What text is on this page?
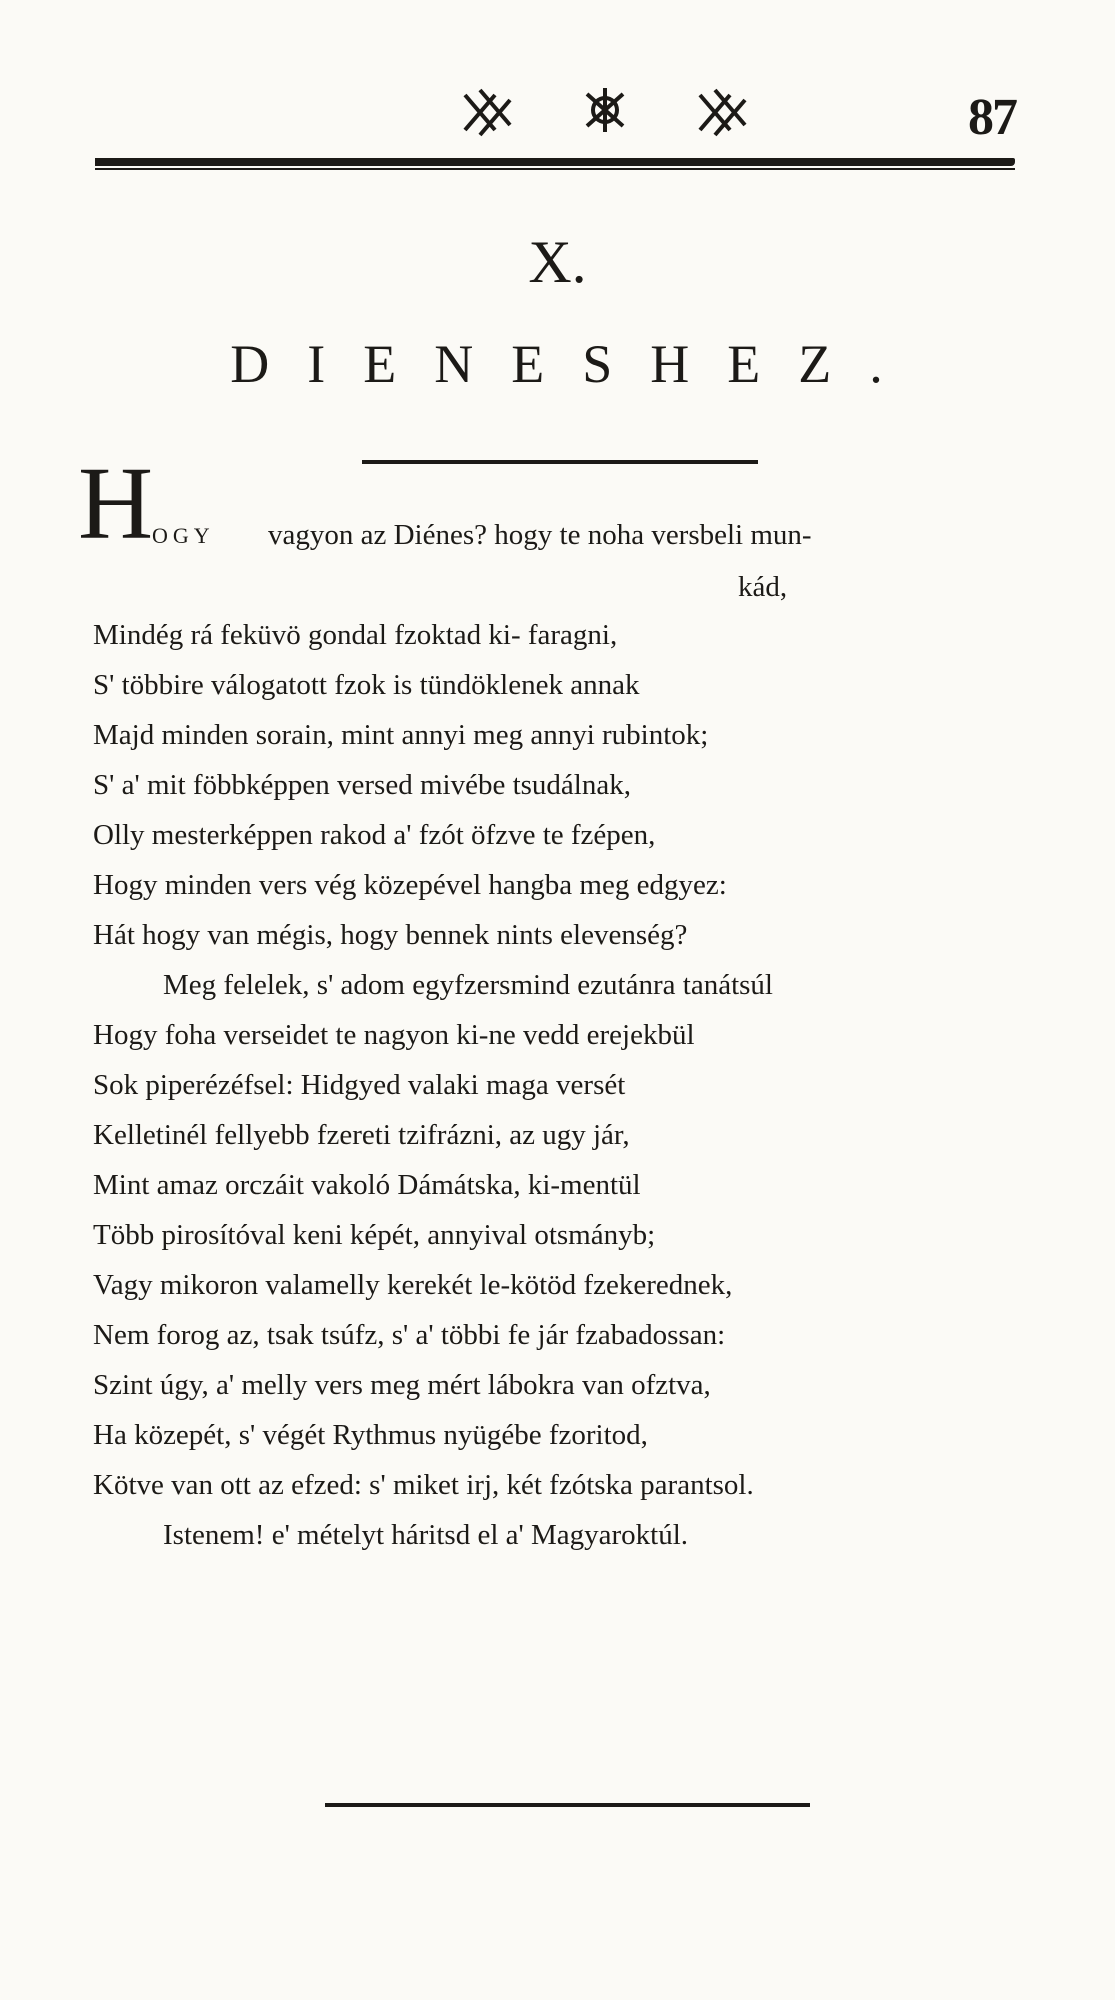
87
X.
DIENESHEZ.
H
OGY vagyon az Diénes? hogy te noha versbeli mun-
kád,
Mindég rá feküvö gondal fzoktad ki- faragni,
S' többire válogatott fzok is tündöklenek annak
Majd minden sorain, mint annyi meg annyi rubintok;
S' a' mit föbbképpen versed mivébe tsudálnak,
Olly mesterképpen rakod a' fzót öfzve te fzépen,
Hogy minden vers vég közepével hangba meg edgyez:
Hát hogy van mégis, hogy bennek nints elevenség?
Meg felelek, s' adom egyfzersmind ezutánra tanátsúl
Hogy foha verseidet te nagyon ki-ne vedd erejekbül
Sok piperézéfsel: Hidgyed valaki maga versét
Kelletinél fellyebb fzereti tzifrázni, az ugy jár,
Mint amaz orczáit vakoló Dámátska, ki-mentül
Több pirosítóval keni képét, annyival otsmányb;
Vagy mikoron valamelly kerekét le-kötöd fzekerednek,
Nem forog az, tsak tsúfz, s' a' többi fe jár fzabadossan:
Szint úgy, a' melly vers meg mért lábokra van ofztva,
Ha közepét, s' végét Rythmus nyügébe fzoritod,
Kötve van ott az efzed: s' miket irj, két fzótska parantsol.
Istenem! e' mételyt háritsd el a' Magyaroktúl.
